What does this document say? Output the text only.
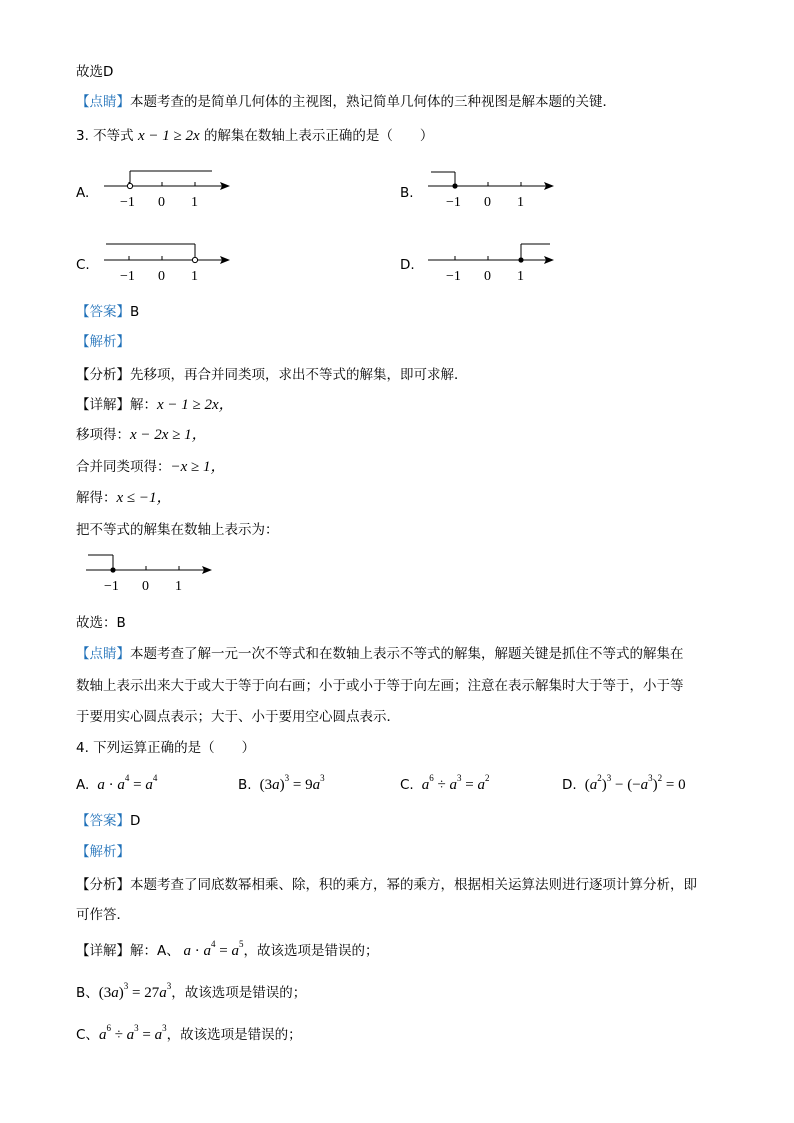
故选D
【点睛】本题考查的是简单几何体的主视图，熟记简单几何体的三种视图是解本题的关键．
3. 不等式 x − 1 ≥ 2x 的解集在数轴上表示正确的是（　　）
A.
−1 0 1
B.
−1 0 1
C.
−1 0 1
D.
−1 0 1
【答案】B
【解析】
【分析】先移项，再合并同类项，求出不等式的解集，即可求解．
【详解】解：x − 1 ≥ 2x，
移项得：x − 2x ≥ 1，
合并同类项得：−x ≥ 1，
解得：x ≤ −1，
把不等式的解集在数轴上表示为：
−1 0 1
故选：B
【点睛】本题考查了解一元一次不等式和在数轴上表示不等式的解集，解题关键是抓住不等式的解集在
数轴上表示出来大于或大于等于向右画；小于或小于等于向左画；注意在表示解集时大于等于，小于等
于要用实心圆点表示；大于、小于要用空心圆点表示．
4. 下列运算正确的是（　　）
A. $a \cdot a^4 = a^4$	B.  $(3a)^3 = 9a^3$	C. $a^6 \div a^3 = a^2$	D.  $(a^2)^3 - (-a^3)^2 = 0$
【答案】D
【解析】
【分析】本题考查了同底数幂相乘、除，积的乘方，幂的乘方，根据相关运算法则进行逐项计算分析，即
可作答．
【详解】解：A、 $a \cdot a^4 = a^5$，故该选项是错误的；
B、$(3a)^3 = 27a^3$，故该选项是错误的；
C、$a^6 \div a^3 = a^3$，故该选项是错误的；
